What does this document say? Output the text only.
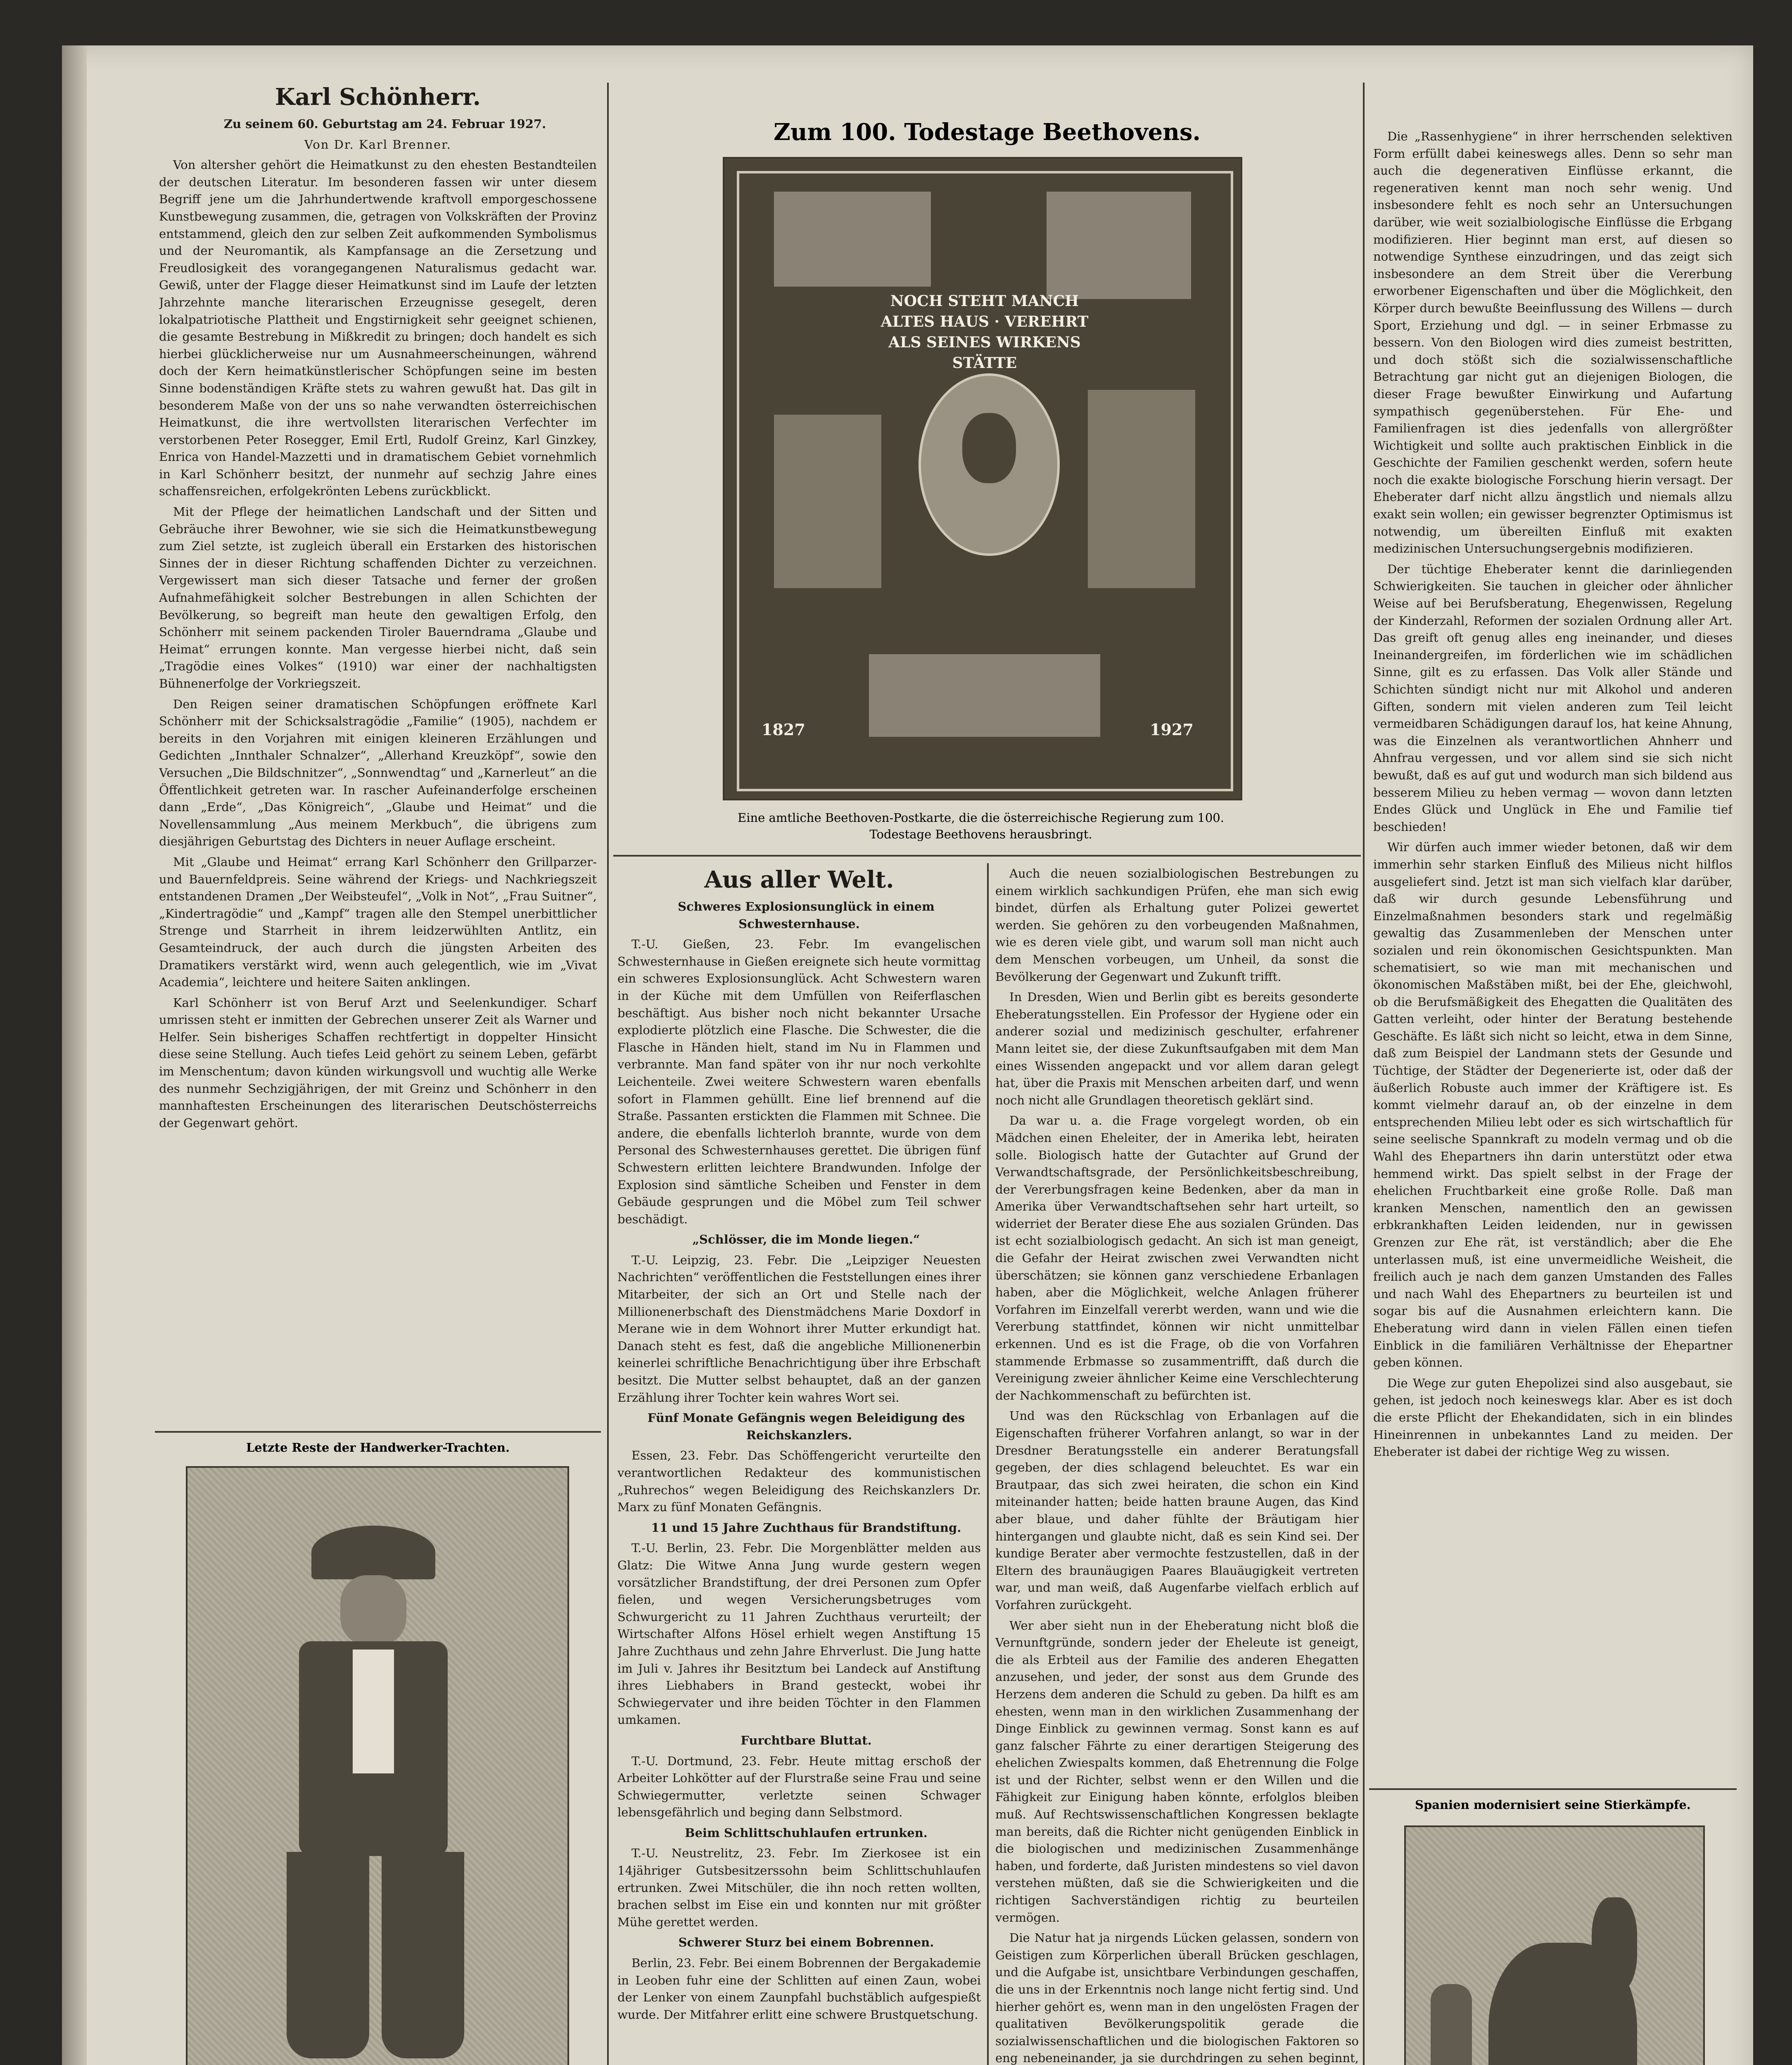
Karl Schönherr.

Zu seinem 60. Geburtstag am 24. Februar 1927.

Von Dr. Karl Brenner.

Von altersher gehört die Heimatkunst zu den ehesten Bestandteilen der deutschen Literatur. Im besonderen fassen wir unter diesem Begriff jene um die Jahrhundertwende kraftvoll emporgeschossene Kunstbewegung zusammen, die, getragen von Volkskräften der Provinz entstammend, gleich den zur selben Zeit aufkommenden Symbolismus und der Neuromantik, als Kampfansage an die Zersetzung und Freudlosigkeit des vorangegangenen Naturalismus gedacht war. Gewiß, unter der Flagge dieser Heimatkunst sind im Laufe der letzten Jahrzehnte manche literarischen Erzeugnisse gesegelt, deren lokalpatriotische Plattheit und Engstirnigkeit sehr geeignet schienen, die gesamte Bestrebung in Mißkredit zu bringen; doch handelt es sich hierbei glücklicherweise nur um Ausnahmeerscheinungen, während doch der Kern heimatkünstlerischer Schöpfungen seine im besten Sinne bodenständigen Kräfte stets zu wahren gewußt hat. Das gilt in besonderem Maße von der uns so nahe verwandten österreichischen Heimatkunst, die ihre wertvollsten literarischen Verfechter im verstorbenen Peter Rosegger, Emil Ertl, Rudolf Greinz, Karl Ginzkey, Enrica von Handel-Mazzetti und in dramatischem Gebiet vornehmlich in Karl Schönherr besitzt, der nunmehr auf sechzig Jahre eines schaffensreichen, erfolgekrönten Lebens zurückblickt.

Mit der Pflege der heimatlichen Landschaft und der Sitten und Gebräuche ihrer Bewohner, wie sie sich die Heimatkunstbewegung zum Ziel setzte, ist zugleich überall ein Erstarken des historischen Sinnes der in dieser Richtung schaffenden Dichter zu verzeichnen. Vergewissert man sich dieser Tatsache und ferner der großen Aufnahmefähigkeit solcher Bestrebungen in allen Schichten der Bevölkerung, so begreift man heute den gewaltigen Erfolg, den Schönherr mit seinem packenden Tiroler Bauerndrama „Glaube und Heimat“ errungen konnte. Man vergesse hierbei nicht, daß sein „Tragödie eines Volkes“ (1910) war einer der nachhaltigsten Bühnenerfolge der Vorkriegszeit.

Den Reigen seiner dramatischen Schöpfungen eröffnete Karl Schönherr mit der Schicksalstragödie „Familie“ (1905), nachdem er bereits in den Vorjahren mit einigen kleineren Erzählungen und Gedichten „Innthaler Schnalzer“, „Allerhand Kreuzköpf“, sowie den Versuchen „Die Bildschnitzer“, „Sonnwendtag“ und „Karnerleut“ an die Öffentlichkeit getreten war. In rascher Aufeinanderfolge erscheinen dann „Erde“, „Das Königreich“, „Glaube und Heimat“ und die Novellensammlung „Aus meinem Merkbuch“, die übrigens zum diesjährigen Geburtstag des Dichters in neuer Auflage erscheint.

Mit „Glaube und Heimat“ errang Karl Schönherr den Grillparzer- und Bauernfeldpreis. Seine während der Kriegs- und Nachkriegszeit entstandenen Dramen „Der Weibsteufel“, „Volk in Not“, „Frau Suitner“, „Kindertragödie“ und „Kampf“ tragen alle den Stempel unerbittlicher Strenge und Starrheit in ihrem leidzerwühlten Antlitz, ein Gesamteindruck, der auch durch die jüngsten Arbeiten des Dramatikers verstärkt wird, wenn auch gelegentlich, wie im „Vivat Academia“, leichtere und heitere Saiten anklingen.

Karl Schönherr ist von Beruf Arzt und Seelenkundiger. Scharf umrissen steht er inmitten der Gebrechen unserer Zeit als Warner und Helfer. Sein bisheriges Schaffen rechtfertigt in doppelter Hinsicht diese seine Stellung. Auch tiefes Leid gehört zu seinem Leben, gefärbt im Menschentum; davon künden wirkungsvoll und wuchtig alle Werke des nunmehr Sechzigjährigen, der mit Greinz und Schönherr in den mannhaftesten Erscheinungen des literarischen Deutschösterreichs der Gegenwart gehört.

Letzte Reste der Handwerker-Trachten.

Zum 100. Todestage Beethovens.
NOCH STEHT MANCH ALTES HAUS · VEREHRT ALS SEINES WIRKENS STÄTTE
1827	1927
Eine amtliche Beethoven-Postkarte, die die österreichische Regierung zum 100. Todestage Beethovens herausbringt.
Aus aller Welt.

Schweres Explosionsunglück in einem Schwesternhause.

T.-U. Gießen, 23. Febr. Im evangelischen Schwesternhause in Gießen ereignete sich heute vormittag ein schweres Explosionsunglück. Acht Schwestern waren in der Küche mit dem Umfüllen von Reiferflaschen beschäftigt. Aus bisher noch nicht bekannter Ursache explodierte plötzlich eine Flasche. Die Schwester, die die Flasche in Händen hielt, stand im Nu in Flammen und verbrannte. Man fand später von ihr nur noch verkohlte Leichenteile. Zwei weitere Schwestern waren ebenfalls sofort in Flammen gehüllt. Eine lief brennend auf die Straße. Passanten erstickten die Flammen mit Schnee. Die andere, die ebenfalls lichterloh brannte, wurde von dem Personal des Schwesternhauses gerettet. Die übrigen fünf Schwestern erlitten leichtere Brandwunden. Infolge der Explosion sind sämtliche Scheiben und Fenster in dem Gebäude gesprungen und die Möbel zum Teil schwer beschädigt.

„Schlösser, die im Monde liegen.“

T.-U. Leipzig, 23. Febr. Die „Leipziger Neuesten Nachrichten“ veröffentlichen die Feststellungen eines ihrer Mitarbeiter, der sich an Ort und Stelle nach der Millionenerbschaft des Dienstmädchens Marie Doxdorf in Merane wie in dem Wohnort ihrer Mutter erkundigt hat. Danach steht es fest, daß die angebliche Millionenerbin keinerlei schriftliche Benachrichtigung über ihre Erbschaft besitzt. Die Mutter selbst behauptet, daß an der ganzen Erzählung ihrer Tochter kein wahres Wort sei.

Fünf Monate Gefängnis wegen Beleidigung des Reichskanzlers.

Essen, 23. Febr. Das Schöffengericht verurteilte den verantwortlichen Redakteur des kommunistischen „Ruhrechos“ wegen Beleidigung des Reichskanzlers Dr. Marx zu fünf Monaten Gefängnis.

11 und 15 Jahre Zuchthaus für Brandstiftung.

T.-U. Berlin, 23. Febr. Die Morgenblätter melden aus Glatz: Die Witwe Anna Jung wurde gestern wegen vorsätzlicher Brandstiftung, der drei Personen zum Opfer fielen, und wegen Versicherungsbetruges vom Schwurgericht zu 11 Jahren Zuchthaus verurteilt; der Wirtschafter Alfons Hösel erhielt wegen Anstiftung 15 Jahre Zuchthaus und zehn Jahre Ehrverlust. Die Jung hatte im Juli v. Jahres ihr Besitztum bei Landeck auf Anstiftung ihres Liebhabers in Brand gesteckt, wobei ihr Schwiegervater und ihre beiden Töchter in den Flammen umkamen.

Furchtbare Bluttat.

T.-U. Dortmund, 23. Febr. Heute mittag erschoß der Arbeiter Lohkötter auf der Flurstraße seine Frau und seine Schwiegermutter, verletzte seinen Schwager lebensgefährlich und beging dann Selbstmord.

Beim Schlittschuhlaufen ertrunken.

T.-U. Neustrelitz, 23. Febr. Im Zierkosee ist ein 14jähriger Gutsbesitzerssohn beim Schlittschuhlaufen ertrunken. Zwei Mitschüler, die ihn noch retten wollten, brachen selbst im Eise ein und konnten nur mit größter Mühe gerettet werden.

Schwerer Sturz bei einem Bobrennen.

Berlin, 23. Febr. Bei einem Bobrennen der Bergakademie in Leoben fuhr eine der Schlitten auf einen Zaun, wobei der Lenker von einem Zaunpfahl buchstäblich aufgespießt wurde. Der Mitfahrer erlitt eine schwere Brustquetschung.

Auch die neuen sozialbiologischen Bestrebungen zu einem wirklich sachkundigen Prüfen, ehe man sich ewig bindet, dürfen als Erhaltung guter Polizei gewertet werden. Sie gehören zu den vorbeugenden Maßnahmen, wie es deren viele gibt, und warum soll man nicht auch dem Menschen vorbeugen, um Unheil, da sonst die Bevölkerung der Gegenwart und Zukunft trifft.

In Dresden, Wien und Berlin gibt es bereits gesonderte Eheberatungsstellen. Ein Professor der Hygiene oder ein anderer sozial und medizinisch geschulter, erfahrener Mann leitet sie, der diese Zukunftsaufgaben mit dem Man eines Wissenden angepackt und vor allem daran gelegt hat, über die Praxis mit Menschen arbeiten darf, und wenn noch nicht alle Grundlagen theoretisch geklärt sind.

Da war u. a. die Frage vorgelegt worden, ob ein Mädchen einen Eheleiter, der in Amerika lebt, heiraten solle. Biologisch hatte der Gutachter auf Grund der Verwandtschaftsgrade, der Persönlichkeitsbeschreibung, der Vererbungsfragen keine Bedenken, aber da man in Amerika über Verwandtschaftsehen sehr hart urteilt, so widerriet der Berater diese Ehe aus sozialen Gründen. Das ist echt sozialbiologisch gedacht. An sich ist man geneigt, die Gefahr der Heirat zwischen zwei Verwandten nicht überschätzen; sie können ganz verschiedene Erbanlagen haben, aber die Möglichkeit, welche Anlagen früherer Vorfahren im Einzelfall vererbt werden, wann und wie die Vererbung stattfindet, können wir nicht unmittelbar erkennen. Und es ist die Frage, ob die von Vorfahren stammende Erbmasse so zusammentrifft, daß durch die Vereinigung zweier ähnlicher Keime eine Verschlechterung der Nachkommenschaft zu befürchten ist.

Und was den Rückschlag von Erbanlagen auf die Eigenschaften früherer Vorfahren anlangt, so war in der Dresdner Beratungsstelle ein anderer Beratungsfall gegeben, der dies schlagend beleuchtet. Es war ein Brautpaar, das sich zwei heiraten, die schon ein Kind miteinander hatten; beide hatten braune Augen, das Kind aber blaue, und daher fühlte der Bräutigam hier hintergangen und glaubte nicht, daß es sein Kind sei. Der kundige Berater aber vermochte festzustellen, daß in der Eltern des braunäugigen Paares Blauäugigkeit vertreten war, und man weiß, daß Augenfarbe vielfach erblich auf Vorfahren zurückgeht.

Wer aber sieht nun in der Eheberatung nicht bloß die Vernunftgründe, sondern jeder der Eheleute ist geneigt, die als Erbteil aus der Familie des anderen Ehegatten anzusehen, und jeder, der sonst aus dem Grunde des Herzens dem anderen die Schuld zu geben. Da hilft es am ehesten, wenn man in den wirklichen Zusammenhang der Dinge Einblick zu gewinnen vermag. Sonst kann es auf ganz falscher Fährte zu einer derartigen Steigerung des ehelichen Zwiespalts kommen, daß Ehetrennung die Folge ist und der Richter, selbst wenn er den Willen und die Fähigkeit zur Einigung haben könnte, erfolglos bleiben muß. Auf Rechtswissenschaftlichen Kongressen beklagte man bereits, daß die Richter nicht genügenden Einblick in die biologischen und medizinischen Zusammenhänge haben, und forderte, daß Juristen mindestens so viel davon verstehen müßten, daß sie die Schwierigkeiten und die richtigen Sachverständigen richtig zu beurteilen vermögen.

Die Natur hat ja nirgends Lücken gelassen, sondern von Geistigen zum Körperlichen überall Brücken geschlagen, und die Aufgabe ist, unsichtbare Verbindungen geschaffen, die uns in der Erkenntnis noch lange nicht fertig sind. Und hierher gehört es, wenn man in den ungelösten Fragen der qualitativen Bevölkerungspolitik gerade die sozialwissenschaftlichen und die biologischen Faktoren so eng nebeneinander, ja sie durchdringen zu sehen beginnt,

Die „Rassenhygiene“ in ihrer herrschenden selektiven Form erfüllt dabei keineswegs alles. Denn so sehr man auch die degenerativen Einflüsse erkannt, die regenerativen kennt man noch sehr wenig. Und insbesondere fehlt es noch sehr an Untersuchungen darüber, wie weit sozialbiologische Einflüsse die Erbgang modifizieren. Hier beginnt man erst, auf diesen so notwendige Synthese einzudringen, und das zeigt sich insbesondere an dem Streit über die Vererbung erworbener Eigenschaften und über die Möglichkeit, den Körper durch bewußte Beeinflussung des Willens — durch Sport, Erziehung und dgl. — in seiner Erbmasse zu bessern. Von den Biologen wird dies zumeist bestritten, und doch stößt sich die sozialwissenschaftliche Betrachtung gar nicht gut an diejenigen Biologen, die dieser Frage bewußter Einwirkung und Aufartung sympathisch gegenüberstehen. Für Ehe- und Familienfragen ist dies jedenfalls von allergrößter Wichtigkeit und sollte auch praktischen Einblick in die Geschichte der Familien geschenkt werden, sofern heute noch die exakte biologische Forschung hierin versagt. Der Eheberater darf nicht allzu ängstlich und niemals allzu exakt sein wollen; ein gewisser begrenzter Optimismus ist notwendig, um übereilten Einfluß mit exakten medizinischen Untersuchungsergebnis modifizieren.

Der tüchtige Eheberater kennt die darinliegenden Schwierigkeiten. Sie tauchen in gleicher oder ähnlicher Weise auf bei Berufsberatung, Ehegenwissen, Regelung der Kinderzahl, Reformen der sozialen Ordnung aller Art. Das greift oft genug alles eng ineinander, und dieses Ineinandergreifen, im förderlichen wie im schädlichen Sinne, gilt es zu erfassen. Das Volk aller Stände und Schichten sündigt nicht nur mit Alkohol und anderen Giften, sondern mit vielen anderen zum Teil leicht vermeidbaren Schädigungen darauf los, hat keine Ahnung, was die Einzelnen als verantwortlichen Ahnherr und Ahnfrau vergessen, und vor allem sind sie sich nicht bewußt, daß es auf gut und wodurch man sich bildend aus besserem Milieu zu heben vermag — wovon dann letzten Endes Glück und Unglück in Ehe und Familie tief beschieden!

Wir dürfen auch immer wieder betonen, daß wir dem immerhin sehr starken Einfluß des Milieus nicht hilflos ausgeliefert sind. Jetzt ist man sich vielfach klar darüber, daß wir durch gesunde Lebensführung und Einzelmaßnahmen besonders stark und regelmäßig gewaltig das Zusammenleben der Menschen unter sozialen und rein ökonomischen Gesichtspunkten. Man schematisiert, so wie man mit mechanischen und ökonomischen Maßstäben mißt, bei der Ehe, gleichwohl, ob die Berufsmäßigkeit des Ehegatten die Qualitäten des Gatten verleiht, oder hinter der Beratung bestehende Geschäfte. Es läßt sich nicht so leicht, etwa in dem Sinne, daß zum Beispiel der Landmann stets der Gesunde und Tüchtige, der Städter der Degenerierte ist, oder daß der äußerlich Robuste auch immer der Kräftigere ist. Es kommt vielmehr darauf an, ob der einzelne in dem entsprechenden Milieu lebt oder es sich wirtschaftlich für seine seelische Spannkraft zu modeln vermag und ob die Wahl des Ehepartners ihn darin unterstützt oder etwa hemmend wirkt. Das spielt selbst in der Frage der ehelichen Fruchtbarkeit eine große Rolle. Daß man kranken Menschen, namentlich den an gewissen erbkrankhaften Leiden leidenden, nur in gewissen Grenzen zur Ehe rät, ist verständlich; aber die Ehe unterlassen muß, ist eine unvermeidliche Weisheit, die freilich auch je nach dem ganzen Umstanden des Falles und nach Wahl des Ehepartners zu beurteilen ist und sogar bis auf die Ausnahmen erleichtern kann. Die Eheberatung wird dann in vielen Fällen einen tiefen Einblick in die familiären Verhältnisse der Ehepartner geben können.

Die Wege zur guten Ehepolizei sind also ausgebaut, sie gehen, ist jedoch noch keineswegs klar. Aber es ist doch die erste Pflicht der Ehekandidaten, sich in ein blindes Hineinrennen in unbekanntes Land zu meiden. Der Eheberater ist dabei der richtige Weg zu wissen.

Spanien modernisiert seine Stierkämpfe.
